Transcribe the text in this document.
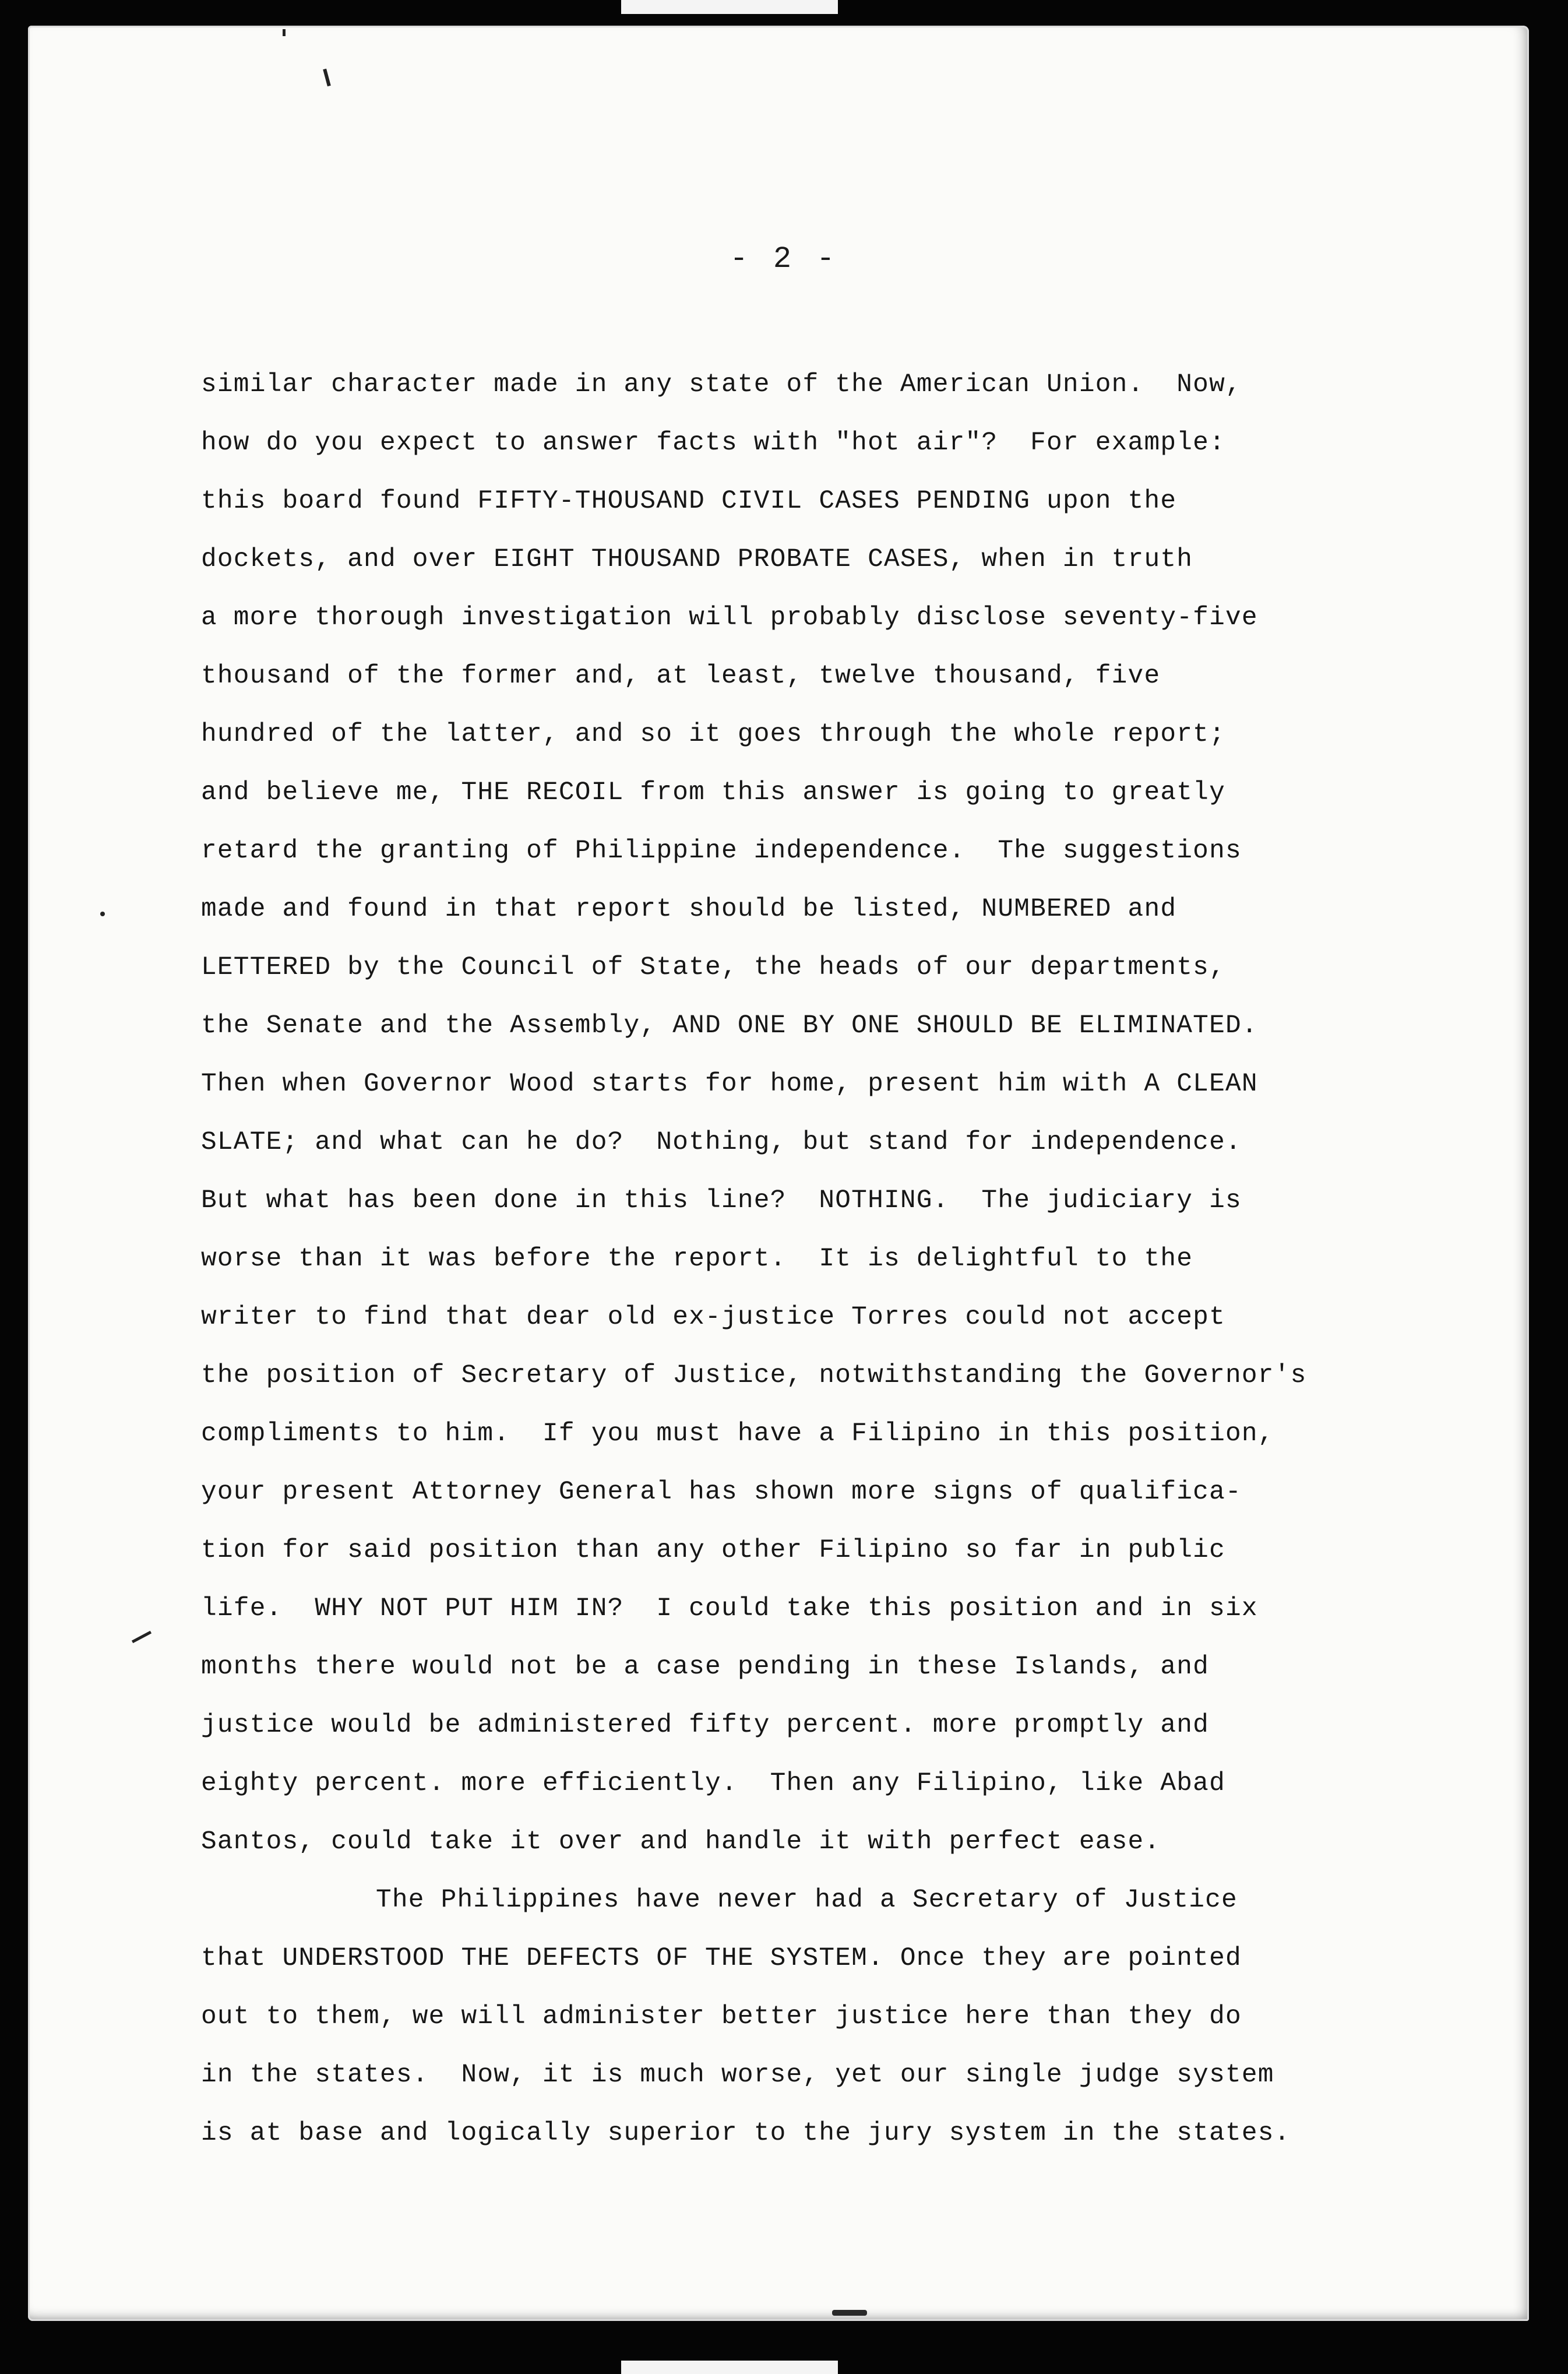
- 2 -
similar character made in any state of the American Union.  Now,
how do you expect to answer facts with "hot air"?  For example:
this board found FIFTY-THOUSAND CIVIL CASES PENDING upon the
dockets, and over EIGHT THOUSAND PROBATE CASES, when in truth
a more thorough investigation will probably disclose seventy-five
thousand of the former and, at least, twelve thousand, five
hundred of the latter, and so it goes through the whole report;
and believe me, THE RECOIL from this answer is going to greatly
retard the granting of Philippine independence.  The suggestions
made and found in that report should be listed, NUMBERED and
LETTERED by the Council of State, the heads of our departments,
the Senate and the Assembly, AND ONE BY ONE SHOULD BE ELIMINATED.
Then when Governor Wood starts for home, present him with A CLEAN
SLATE; and what can he do?  Nothing, but stand for independence.
But what has been done in this line?  NOTHING.  The judiciary is
worse than it was before the report.  It is delightful to the
writer to find that dear old ex-justice Torres could not accept
the position of Secretary of Justice, notwithstanding the Governor's
compliments to him.  If you must have a Filipino in this position,
your present Attorney General has shown more signs of qualifica-
tion for said position than any other Filipino so far in public
life.  WHY NOT PUT HIM IN?  I could take this position and in six
months there would not be a case pending in these Islands, and
justice would be administered fifty percent. more promptly and
eighty percent. more efficiently.  Then any Filipino, like Abad
Santos, could take it over and handle it with perfect ease.
The Philippines have never had a Secretary of Justice
that UNDERSTOOD THE DEFECTS OF THE SYSTEM. Once they are pointed
out to them, we will administer better justice here than they do
in the states.  Now, it is much worse, yet our single judge system
is at base and logically superior to the jury system in the states.
